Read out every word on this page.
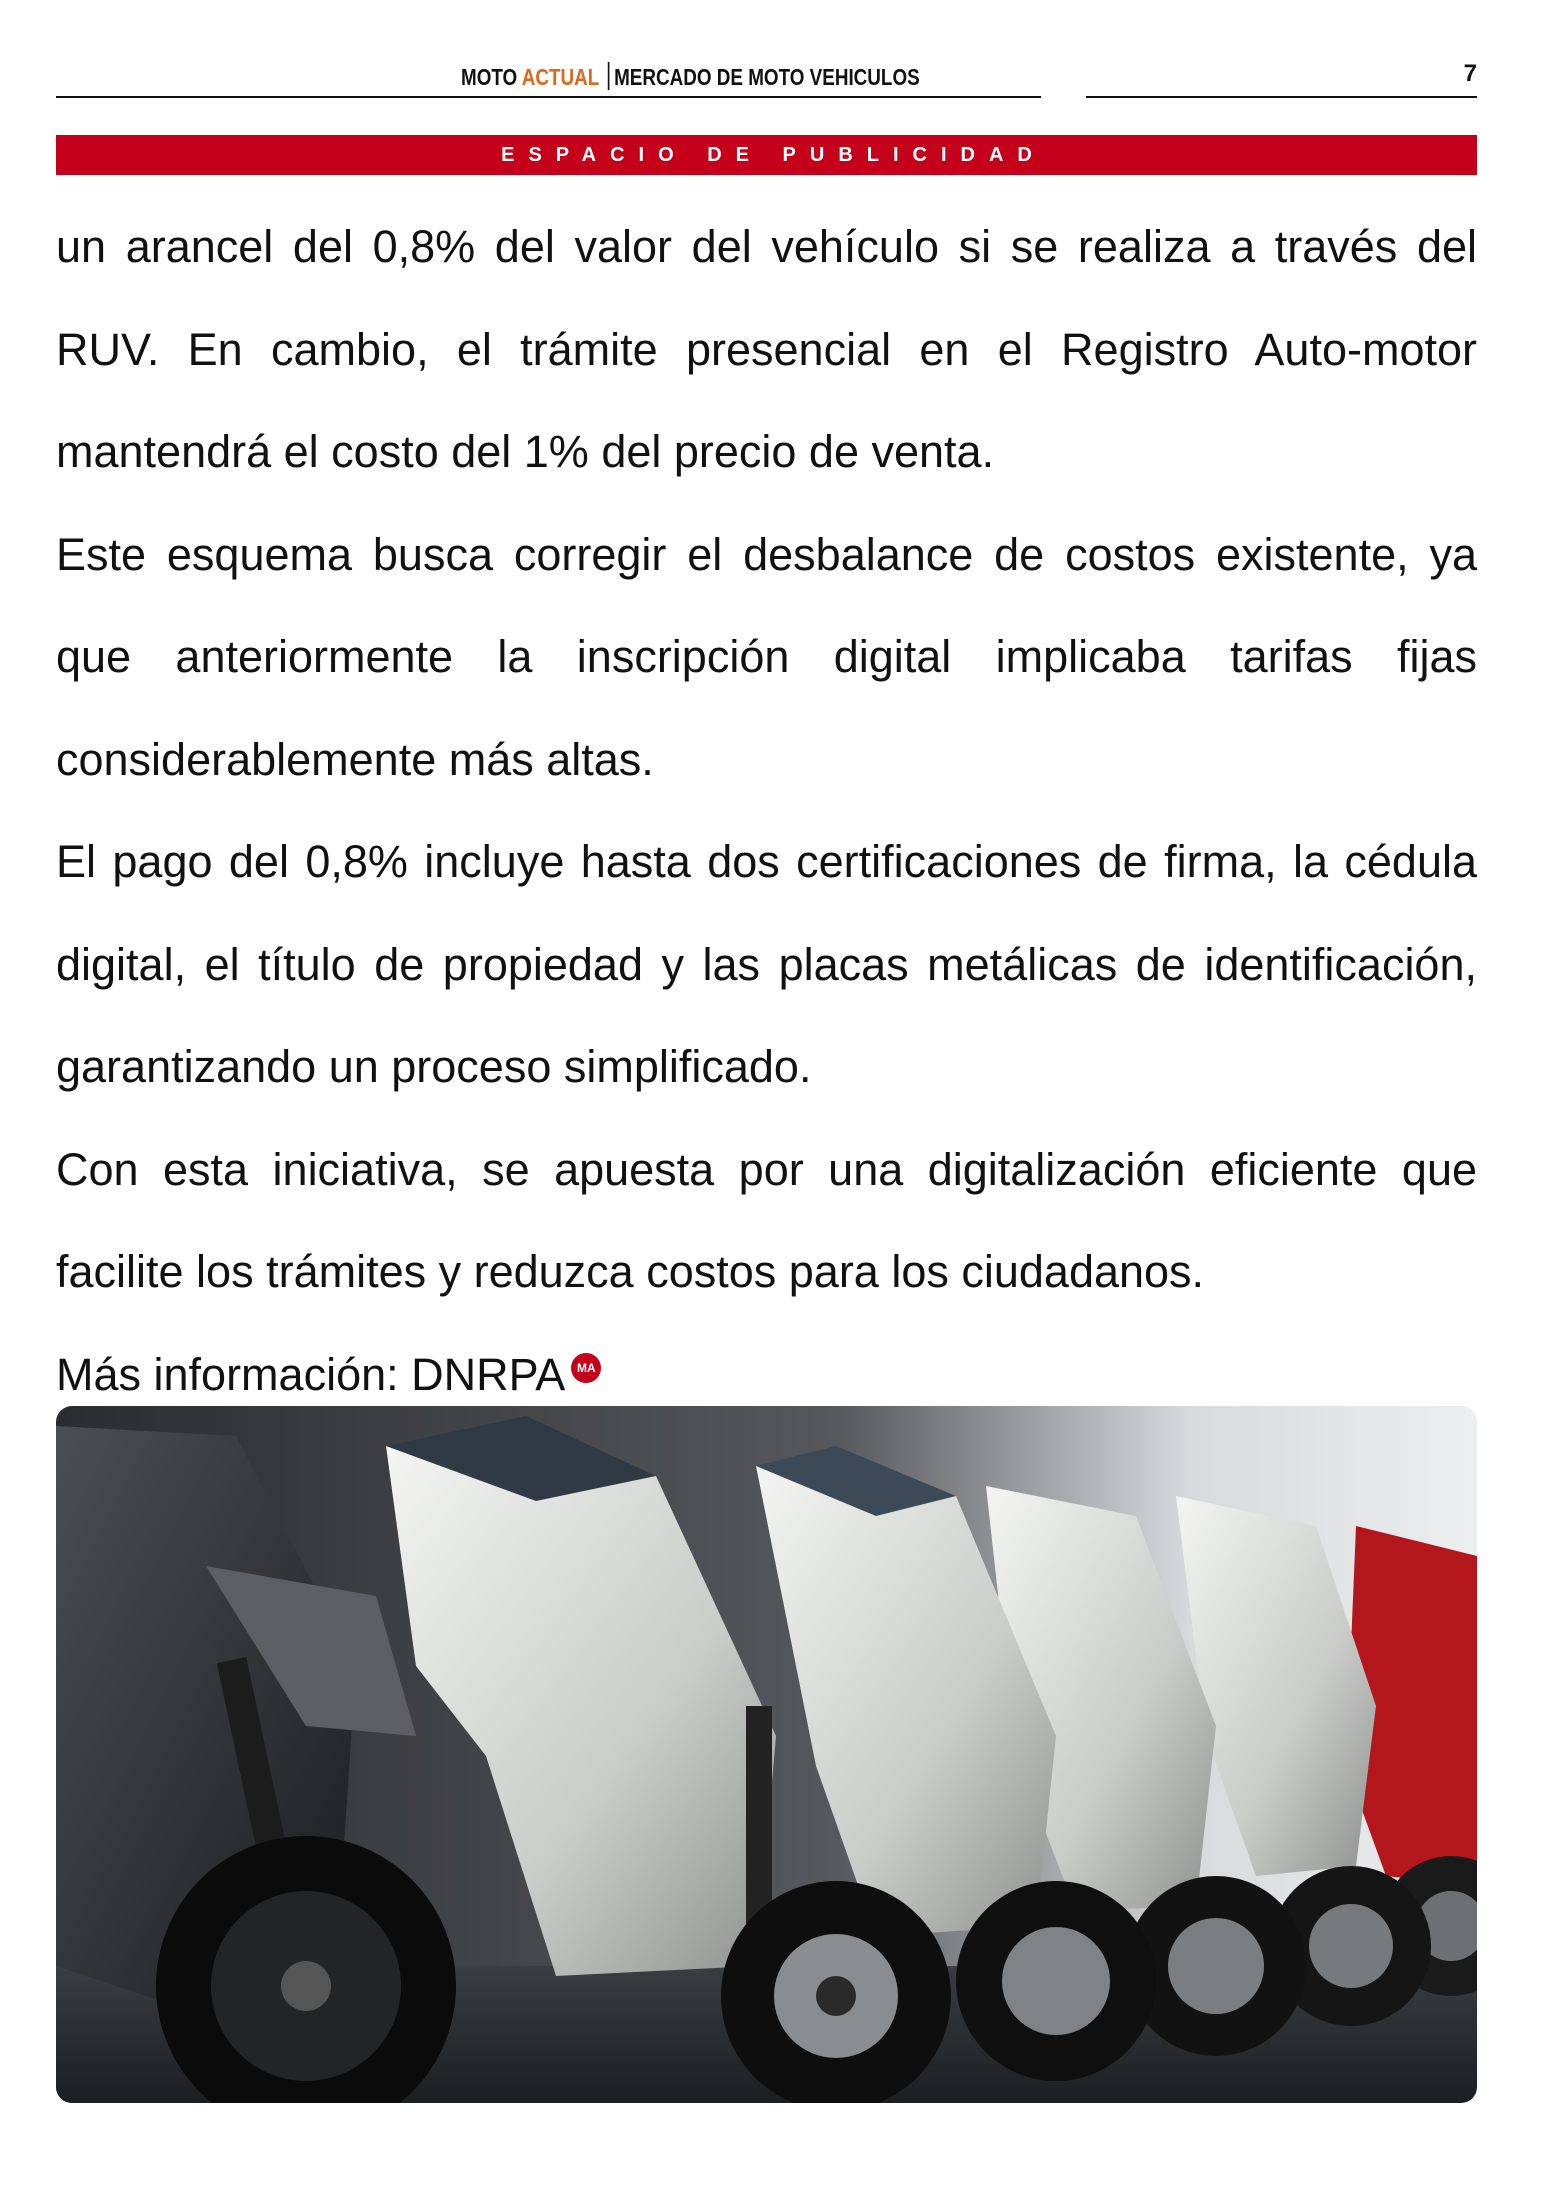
MOTO ACTUAL MERCADO DE MOTO VEHICULOS	7
ESPACIO DE PUBLICIDAD

un arancel del 0,8% del valor del vehículo si se realiza a través del RUV. En cambio, el trámite presencial en el Registro Auto-motor mantendrá el costo del 1% del precio de venta.

Este esquema busca corregir el desbalance de costos existente, ya que anteriormente la inscripción digital implicaba tarifas fijas considerablemente más altas.

El pago del 0,8% incluye hasta dos certificaciones de firma, la cédula digital, el título de propiedad y las placas metálicas de identificación, garantizando un proceso simplificado.

Con esta iniciativa, se apuesta por una digitalización eficiente que facilite los trámites y reduzca costos para los ciudadanos.

Más información: DNRPA MA
